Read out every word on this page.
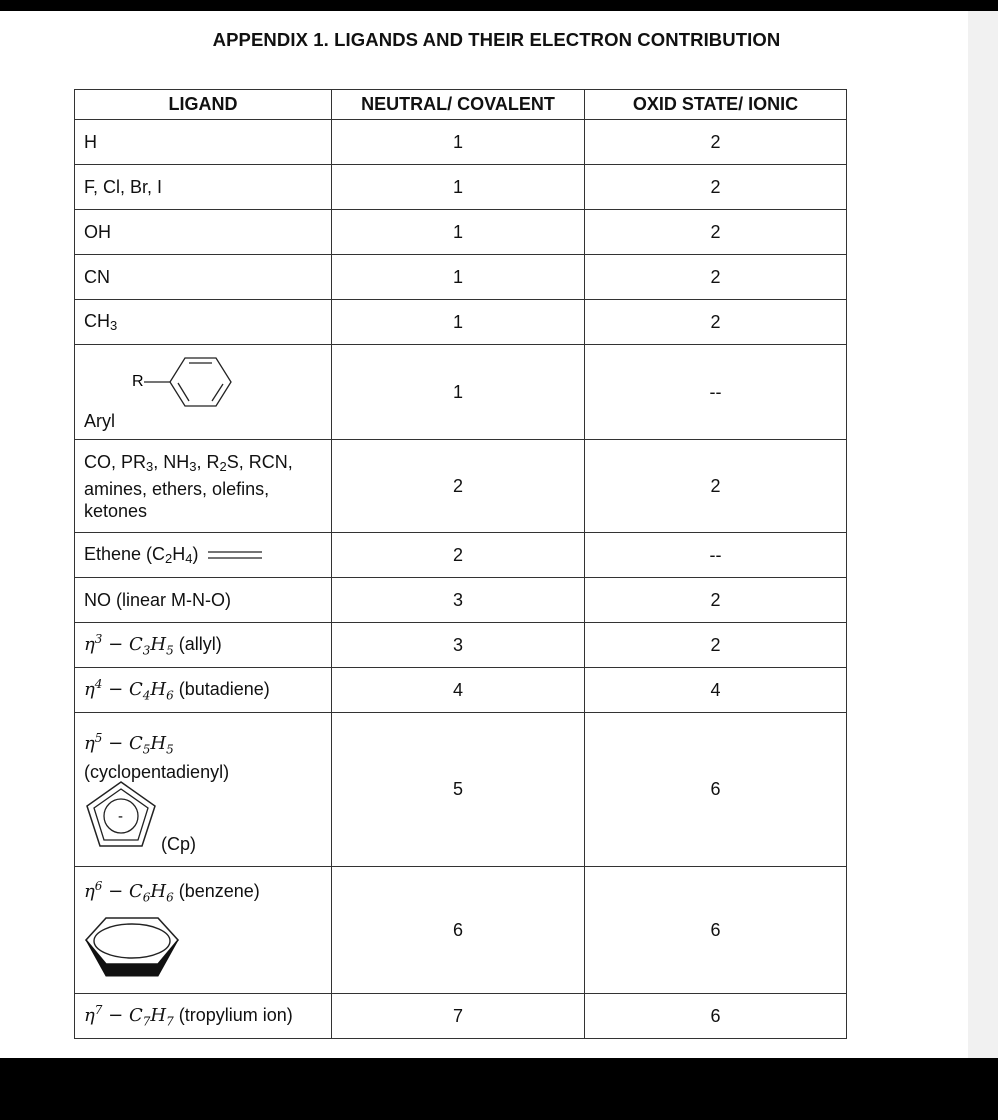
APPENDIX 1. LIGANDS AND THEIR ELECTRON CONTRIBUTION
LIGAND	NEUTRAL/ COVALENT	OXID STATE/ IONIC
H	1	2
F, Cl, Br, I	1	2
OH	1	2
CN	1	2
$CH_3$	1	2

R
Aryl	1	--
CO, $PR_3$, $NH_3$, $R_2S$, RCN, amines, ethers, olefins, ketones	2	2
Ethene $(C_2H_4)$	2	--
NO (linear M-N-O)	3	2
$\eta^3 - C_3H_5$ (allyl)	3	2
$\eta^4 - C_4H_6$ (butadiene)	4	4

$\eta^5 - C_5H_5$
(cyclopentadienyl)
-
(Cp)	5	6

$\eta^6 - C_6H_6$ (benzene)	6	6
$\eta^7 - C_7H_7$ (tropylium ion)	7	6
